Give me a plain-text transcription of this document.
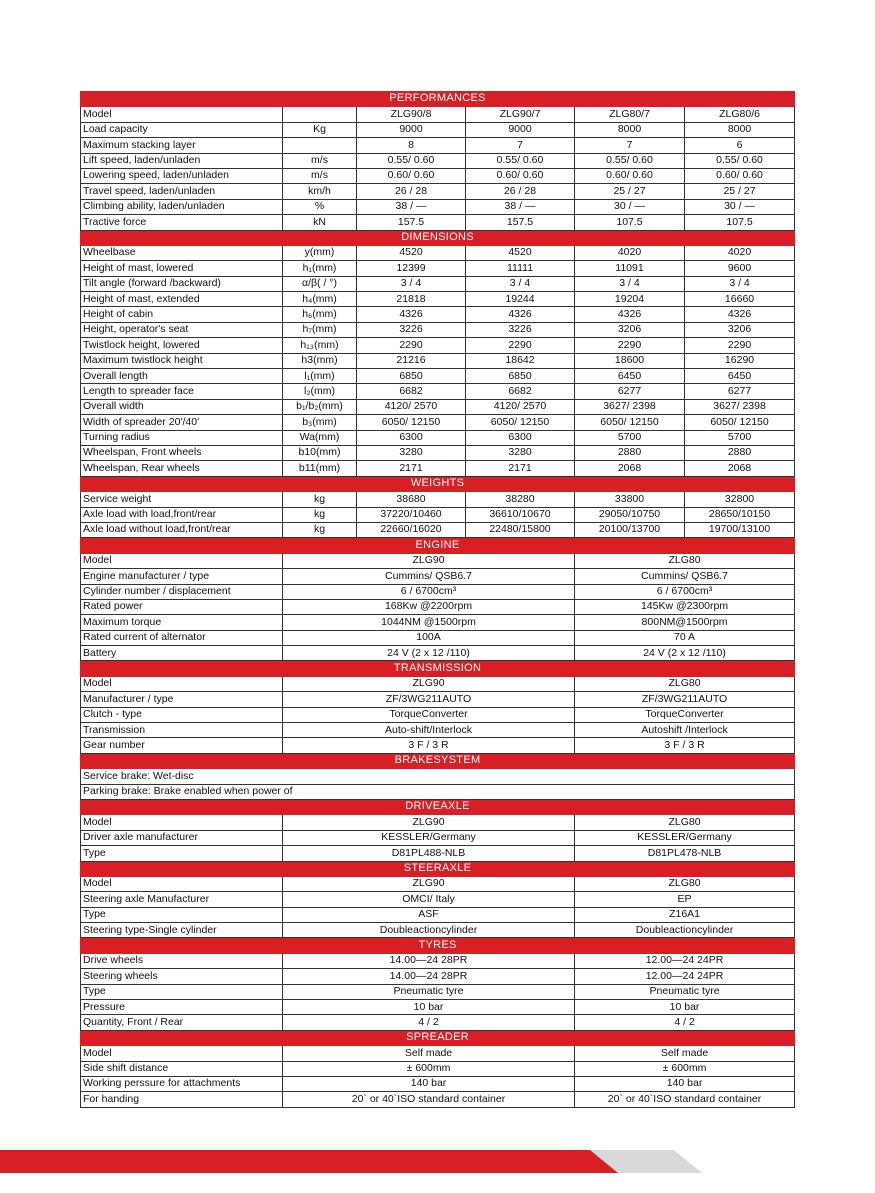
PERFORMANCES					
Model		ZLG90/8	ZLG90/7	ZLG80/7	ZLG80/6
Load capacity	Kg	9000	9000	8000	8000
Maximum stacking layer		8	7	7	6
Lift speed, laden/unladen	m/s	0.55/ 0.60	0.55/ 0.60	0.55/ 0.60	0.55/ 0.60
Lowering speed, laden/unladen	m/s	0.60/ 0.60	0.60/ 0.60	0.60/ 0.60	0.60/ 0.60
Travel speed, laden/unladen	km/h	26 / 28	26 / 28	25 / 27	25 / 27
Climbing ability, laden/unladen	%	38 / —	38 / —	30 / —	30 / —
Tractive force	kN	157.5	157.5	107.5	107.5
DIMENSIONS					
Wheelbase	y(mm)	4520	4520	4020	4020
Height of mast, lowered	h₁(mm)	12399	11111	11091	9600
Tilt angle (forward /backward)	α/β( / °)	3 / 4	3 / 4	3 / 4	3 / 4
Height of mast, extended	h₄(mm)	21818	19244	19204	16660
Height of cabin	h₆(mm)	4326	4326	4326	4326
Height, operator's seat	h₇(mm)	3226	3226	3206	3206
Twistlock height, lowered	h₁₃(mm)	2290	2290	2290	2290
Maximum twistlock height	h3(mm)	21216	18642	18600	16290
Overall length	l₁(mm)	6850	6850	6450	6450
Length to spreader face	l₂(mm)	6682	6682	6277	6277
Overall width	b₁/b₂(mm)	4120/ 2570	4120/ 2570	3627/ 2398	3627/ 2398
Width of spreader 20'/40'	b₃(mm)	6050/ 12150	6050/ 12150	6050/ 12150	6050/ 12150
Turning radius	Wa(mm)	6300	6300	5700	5700
Wheelspan, Front wheels	b10(mm)	3280	3280	2880	2880
Wheelspan, Rear wheels	b11(mm)	2171	2171	2068	2068
WEIGHTS					
Service weight	kg	38680	38280	33800	32800
Axle load with load,front/rear	kg	37220/10460	36610/10670	29050/10750	28650/10150
Axle load without load,front/rear	kg	22660/16020	22480/15800	20100/13700	19700/13100
ENGINE					
Model	ZLG90			ZLG80	
Engine manufacturer / type	Cummins/ QSB6.7			Cummins/ QSB6.7	
Cylinder number / displacement	6 / 6700cm³			6 / 6700cm³	
Rated power	168Kw @2200rpm			145Kw @2300rpm	
Maximum torque	1044NM @1500rpm			800NM@1500rpm	
Rated current of alternator	100A			70 A	
Battery	24 V (2 x 12 /110)			24 V (2 x 12 /110)	
TRANSMISSION					
Model	ZLG90			ZLG80	
Manufacturer / type	ZF/3WG211AUTO			ZF/3WG211AUTO	
Clutch - type	TorqueConverter			TorqueConverter	
Transmission	Auto-shift/Interlock			Autoshift /Interlock	
Gear number	3 F / 3 R			3 F / 3 R	
BRAKESYSTEM					
Service brake: Wet-disc					
Parking brake: Brake enabled when power of					
DRIVEAXLE					
Model	ZLG90			ZLG80	
Driver axle manufacturer	KESSLER/Germany			KESSLER/Germany	
Type	D81PL488-NLB			D81PL478-NLB	
STEERAXLE					
Model	ZLG90			ZLG80	
Steering axle Manufacturer	OMCI/ Italy			EP	
Type	ASF			Z16A1	
Steering type-Single cylinder	Doubleactioncylinder			Doubleactioncylinder	
TYRES					
Drive wheels	14.00—24 28PR			12.00—24 24PR	
Steering wheels	14.00—24 28PR			12.00—24 24PR	
Type	Pneumatic tyre			Pneumatic tyre	
Pressure	10 bar			10 bar	
Quantity, Front / Rear	4 / 2			4 / 2	
SPREADER					
Model	Self made			Self made	
Side shift distance	± 600mm			± 600mm	
Working perssure for attachments	140 bar			140 bar	
For handing	20` or 40`ISO standard container			20` or 40`ISO standard container	
